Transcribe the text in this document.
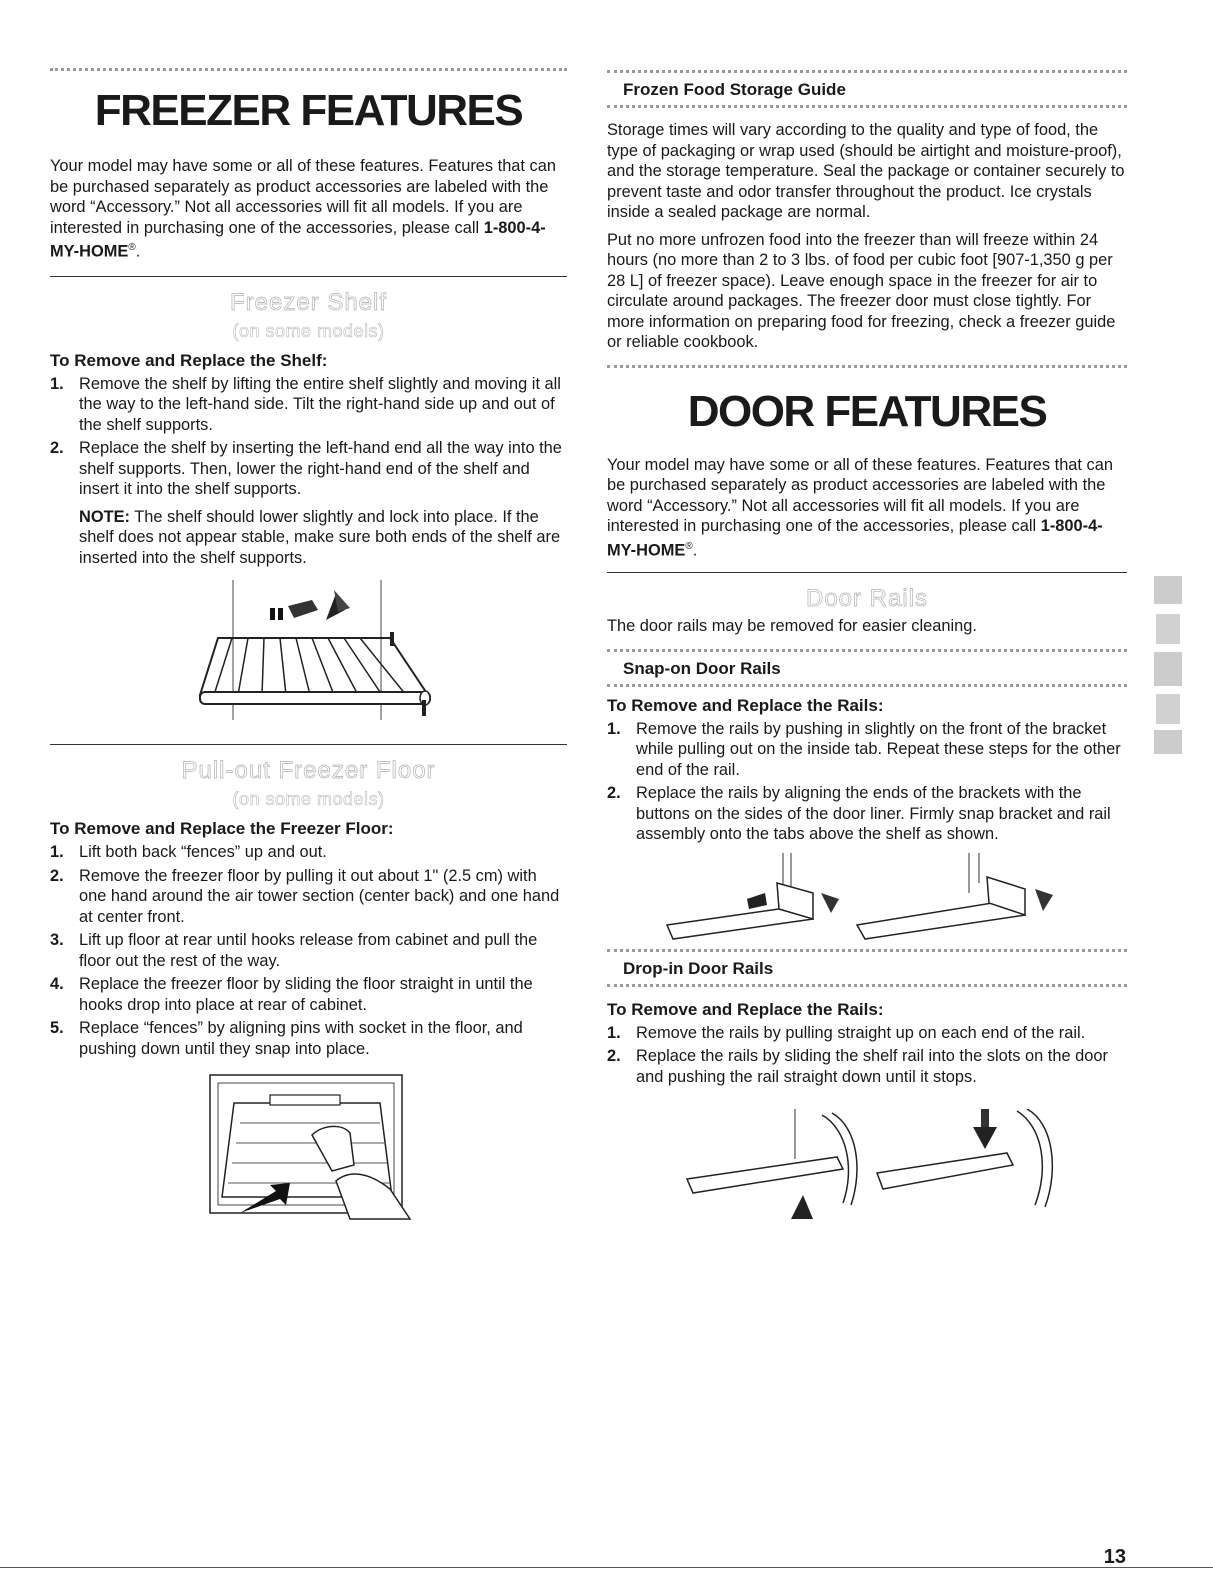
FREEZER FEATURES

Your model may have some or all of these features. Features that can be purchased separately as product accessories are labeled with the word “Accessory.” Not all accessories will fit all models. If you are interested in purchasing one of the accessories, please call 1-800-4-MY-HOME®.

Freezer Shelf
(on some models)
To Remove and Replace the Shelf:
1. Remove the shelf by lifting the entire shelf slightly and moving it all the way to the left-hand side. Tilt the right-hand side up and out of the shelf supports.
2. Replace the shelf by inserting the left-hand end all the way into the shelf supports. Then, lower the right-hand end of the shelf and insert it into the shelf supports.

NOTE: The shelf should lower slightly and lock into place. If the shelf does not appear stable, make sure both ends of the shelf are inserted into the shelf supports.

Pull-out Freezer Floor
(on some models)
To Remove and Replace the Freezer Floor:
1. Lift both back “fences” up and out.
2. Remove the freezer floor by pulling it out about 1" (2.5 cm) with one hand around the air tower section (center back) and one hand at center front.
3. Lift up floor at rear until hooks release from cabinet and pull the floor out the rest of the way.
4. Replace the freezer floor by sliding the floor straight in until the hooks drop into place at rear of cabinet.
5. Replace “fences” by aligning pins with socket in the floor, and pushing down until they snap into place.
Frozen Food Storage Guide

Storage times will vary according to the quality and type of food, the type of packaging or wrap used (should be airtight and moisture-proof), and the storage temperature. Seal the package or container securely to prevent taste and odor transfer throughout the product. Ice crystals inside a sealed package are normal.

Put no more unfrozen food into the freezer than will freeze within 24 hours (no more than 2 to 3 lbs. of food per cubic foot [907-1,350 g per 28 L] of freezer space). Leave enough space in the freezer for air to circulate around packages. The freezer door must close tightly. For more information on preparing food for freezing, check a freezer guide or reliable cookbook.

DOOR FEATURES

Your model may have some or all of these features. Features that can be purchased separately as product accessories are labeled with the word “Accessory.” Not all accessories will fit all models. If you are interested in purchasing one of the accessories, please call 1-800-4-MY-HOME®.

Door Rails

The door rails may be removed for easier cleaning.

Snap-on Door Rails
To Remove and Replace the Rails:
1. Remove the rails by pushing in slightly on the front of the bracket while pulling out on the inside tab. Repeat these steps for the other end of the rail.
2. Replace the rails by aligning the ends of the brackets with the buttons on the sides of the door liner. Firmly snap bracket and rail assembly onto the tabs above the shelf as shown.
Drop-in Door Rails
To Remove and Replace the Rails:
1. Remove the rails by pulling straight up on each end of the rail.
2. Replace the rails by sliding the shelf rail into the slots on the door and pushing the rail straight down until it stops.
13
